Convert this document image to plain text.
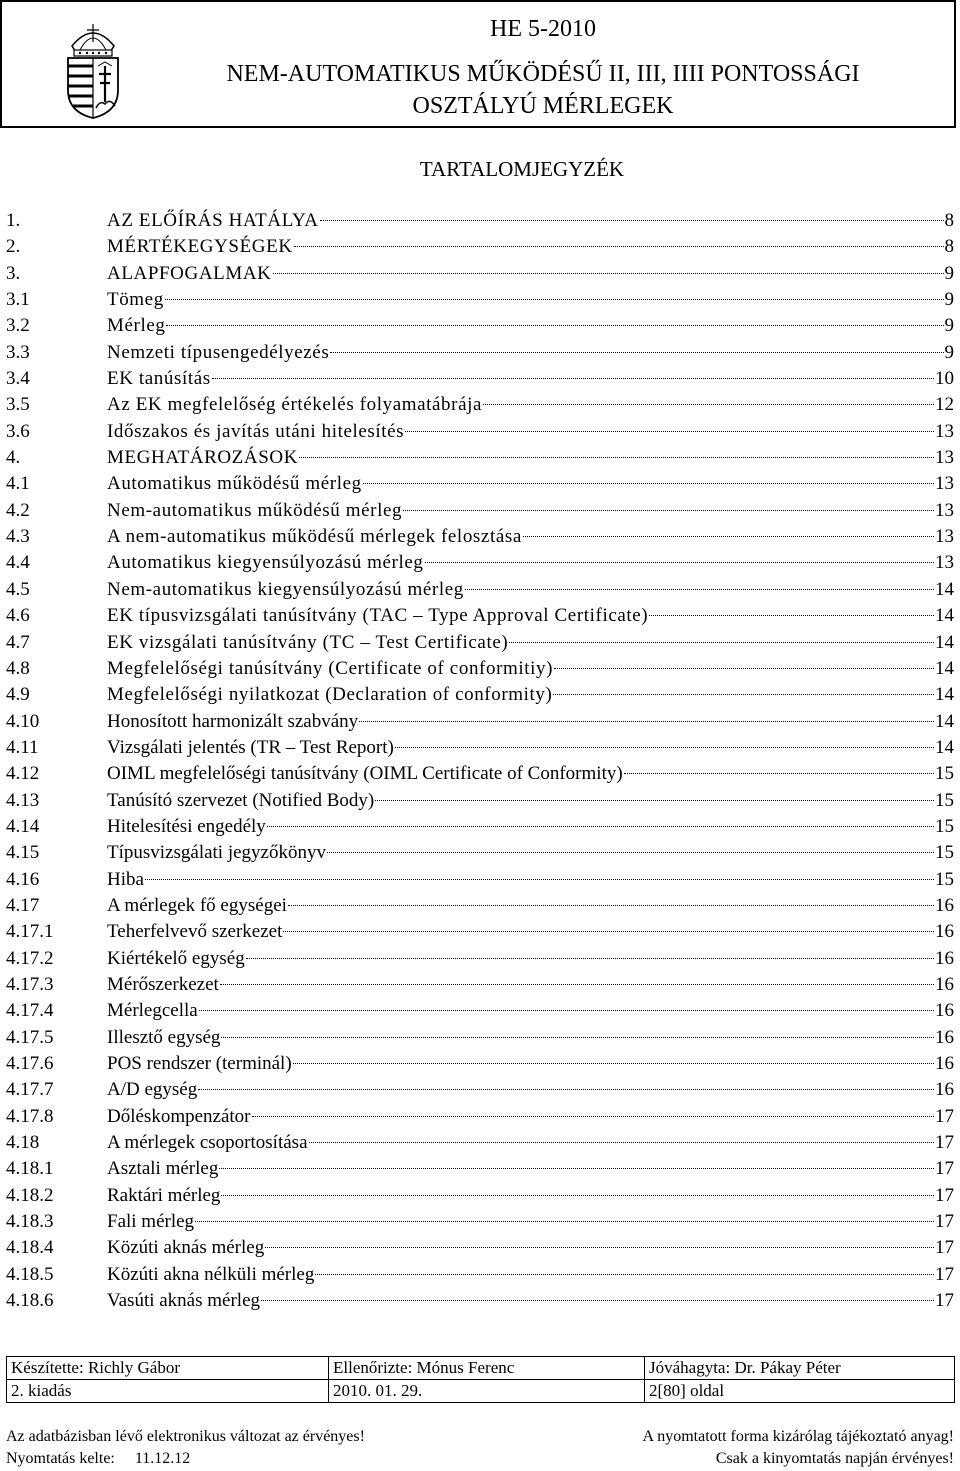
HE 5-2010
NEM-AUTOMATIKUS MŰKÖDÉSŰ II, III, IIII PONTOSSÁGI
OSZTÁLYÚ MÉRLEGEK
TARTALOMJEGYZÉK
1.	AZ ELŐÍRÁS HATÁLYA	8
2.	MÉRTÉKEGYSÉGEK	8
3.	ALAPFOGALMAK	9
3.1	Tömeg	9
3.2	Mérleg	9
3.3	Nemzeti típusengedélyezés	9
3.4	EK tanúsítás	10
3.5	Az EK megfelelőség értékelés folyamatábrája	12
3.6	Időszakos és javítás utáni hitelesítés	13
4.	MEGHATÁROZÁSOK	13
4.1	Automatikus működésű mérleg	13
4.2	Nem-automatikus működésű mérleg	13
4.3	A nem-automatikus működésű mérlegek felosztása	13
4.4	Automatikus kiegyensúlyozású mérleg	13
4.5	Nem-automatikus kiegyensúlyozású mérleg	14
4.6	EK típusvizsgálati tanúsítvány (TAC – Type Approval Certificate)	14
4.7	EK vizsgálati tanúsítvány (TC – Test Certificate)	14
4.8	Megfelelőségi tanúsítvány (Certificate of conformitiy)	14
4.9	Megfelelőségi nyilatkozat (Declaration of conformity)	14
4.10	Honosított harmonizált szabvány	14
4.11	Vizsgálati jelentés (TR – Test Report)	14
4.12	OIML megfelelőségi tanúsítvány (OIML Certificate of Conformity)	15
4.13	Tanúsító szervezet (Notified Body)	15
4.14	Hitelesítési engedély	15
4.15	Típusvizsgálati jegyzőkönyv	15
4.16	Hiba	15
4.17	A mérlegek fő egységei	16
4.17.1	Teherfelvevő szerkezet	16
4.17.2	Kiértékelő egység	16
4.17.3	Mérőszerkezet	16
4.17.4	Mérlegcella	16
4.17.5	Illesztő egység	16
4.17.6	POS rendszer (terminál)	16
4.17.7	A/D egység	16
4.17.8	Dőléskompenzátor	17
4.18	A mérlegek csoportosítása	17
4.18.1	Asztali mérleg	17
4.18.2	Raktári mérleg	17
4.18.3	Fali mérleg	17
4.18.4	Közúti aknás mérleg	17
4.18.5	Közúti akna nélküli mérleg	17
4.18.6	Vasúti aknás mérleg	17
Készítette: Richly Gábor	Ellenőrizte: Mónus Ferenc	Jóváhagyta: Dr. Pákay Péter
2. kiadás	2010. 01. 29.	2[80] oldal
Az adatbázisban lévő elektronikus változat az érvényes!
Nyomtatás kelte:     11.12.12
A nyomtatott forma kizárólag tájékoztató anyag!
Csak a kinyomtatás napján érvényes!
